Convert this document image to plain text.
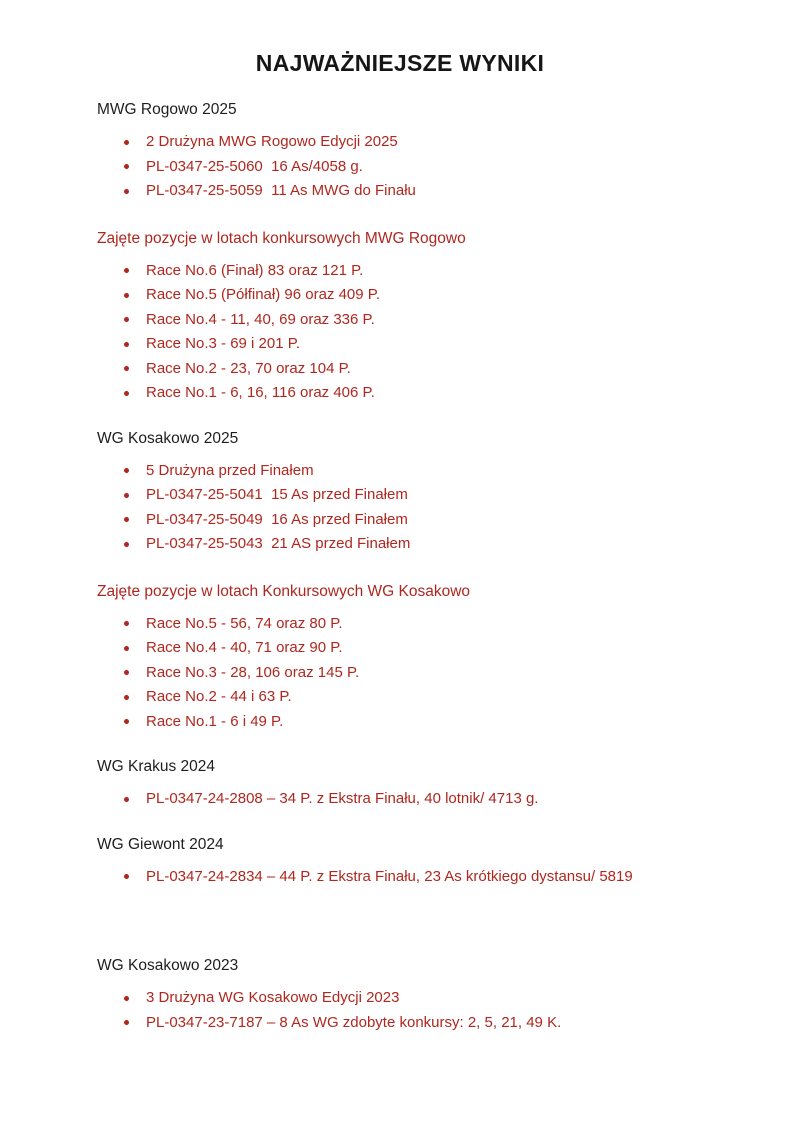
NAJWAŻNIEJSZE WYNIKI

MWG Rogowo 2025

2 Drużyna MWG Rogowo Edycji 2025
PL-0347-25-5060  16 As/4058 g.
PL-0347-25-5059  11 As MWG do Finału

Zajęte pozycje w lotach konkursowych MWG Rogowo

Race No.6 (Finał) 83 oraz 121 P.
Race No.5 (Półfinał) 96 oraz 409 P.
Race No.4 - 11, 40, 69 oraz 336 P.
Race No.3 - 69 i 201 P.
Race No.2 - 23, 70 oraz 104 P.
Race No.1 - 6, 16, 116 oraz 406 P.

WG Kosakowo 2025

5 Drużyna przed Finałem
PL-0347-25-5041  15 As przed Finałem
PL-0347-25-5049  16 As przed Finałem
PL-0347-25-5043  21 AS przed Finałem

Zajęte pozycje w lotach Konkursowych WG Kosakowo

Race No.5 - 56, 74 oraz 80 P.
Race No.4 - 40, 71 oraz 90 P.
Race No.3 - 28, 106 oraz 145 P.
Race No.2 - 44 i 63 P.
Race No.1 - 6 i 49 P.

WG Krakus 2024

PL-0347-24-2808 – 34 P. z Ekstra Finału, 40 lotnik/ 4713 g.

WG Giewont 2024

PL-0347-24-2834 – 44 P. z Ekstra Finału, 23 As krótkiego dystansu/ 5819

WG Kosakowo 2023

3 Drużyna WG Kosakowo Edycji 2023
PL-0347-23-7187 – 8 As WG zdobyte konkursy: 2, 5, 21, 49 K.
